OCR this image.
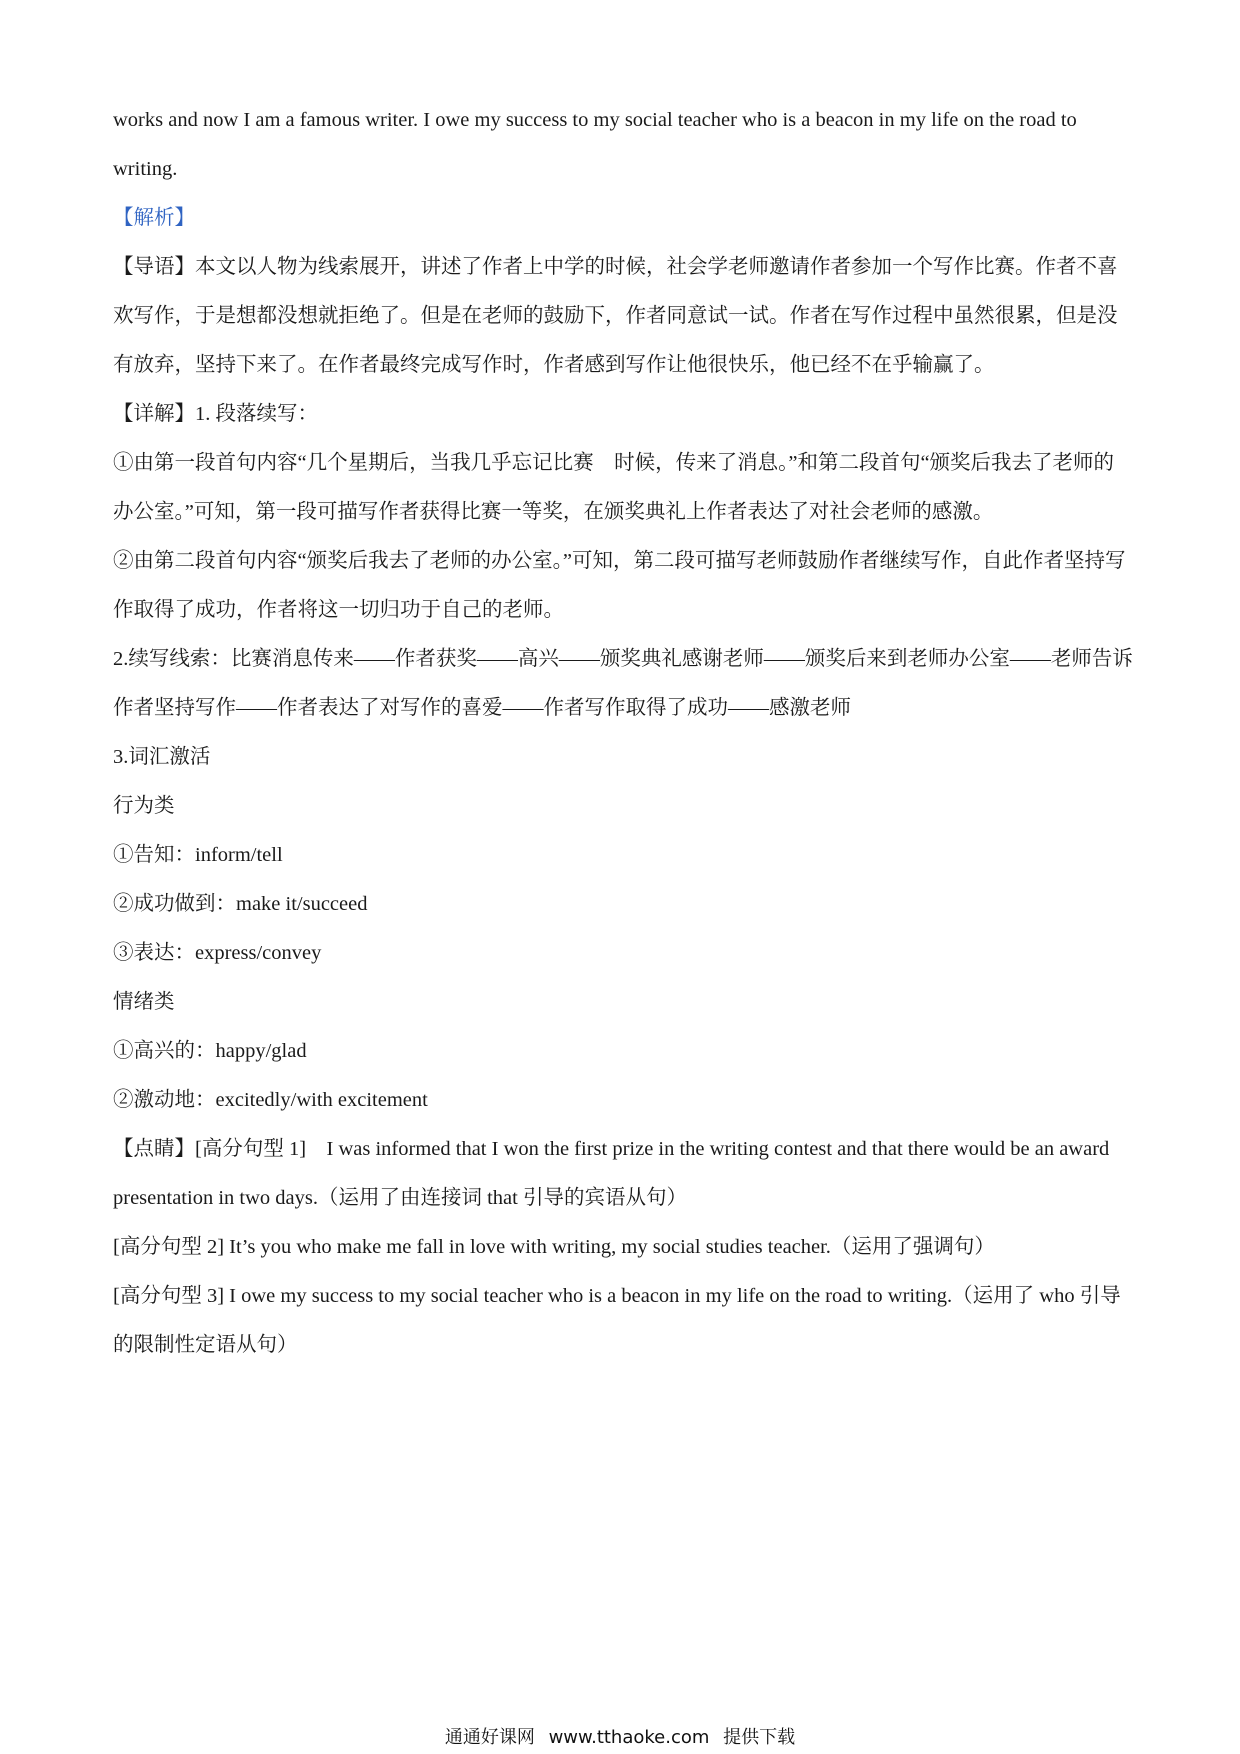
works and now I am a famous writer. I owe my success to my social teacher who is a beacon in my life on the road to writing.

【解析】

【导语】本文以人物为线索展开，讲述了作者上中学的时候，社会学老师邀请作者参加一个写作比赛。作者不喜欢写作，于是想都没想就拒绝了。但是在老师的鼓励下，作者同意试一试。作者在写作过程中虽然很累，但是没有放弃，坚持下来了。在作者最终完成写作时，作者感到写作让他很快乐，他已经不在乎输赢了。

【详解】1. 段落续写：

①由第一段首句内容“几个星期后，当我几乎忘记比赛　时候，传来了消息。”和第二段首句“颁奖后我去了老师的办公室。”可知，第一段可描写作者获得比赛一等奖，在颁奖典礼上作者表达了对社会老师的感激。

②由第二段首句内容“颁奖后我去了老师的办公室。”可知，第二段可描写老师鼓励作者继续写作，自此作者坚持写作取得了成功，作者将这一切归功于自己的老师。

2.续写线索：比赛消息传来——作者获奖——高兴——颁奖典礼感谢老师——颁奖后来到老师办公室——老师告诉作者坚持写作——作者表达了对写作的喜爱——作者写作取得了成功——感激老师

3.词汇激活

行为类

①告知：inform/tell

②成功做到：make it/succeed

③表达：express/convey

情绪类

①高兴的：happy/glad

②激动地：excitedly/with excitement

【点睛】[高分句型 1]　I was informed that I won the first prize in the writing contest and that there would be an award presentation in two days.（运用了由连接词 that 引导的宾语从句）

[高分句型 2] It’s you who make me fall in love with writing, my social studies teacher.（运用了强调句）

[高分句型 3] I owe my success to my social teacher who is a beacon in my life on the road to writing.（运用了 who 引导的限制性定语从句）

通通好课网 www.tthaoke.com 提供下载
